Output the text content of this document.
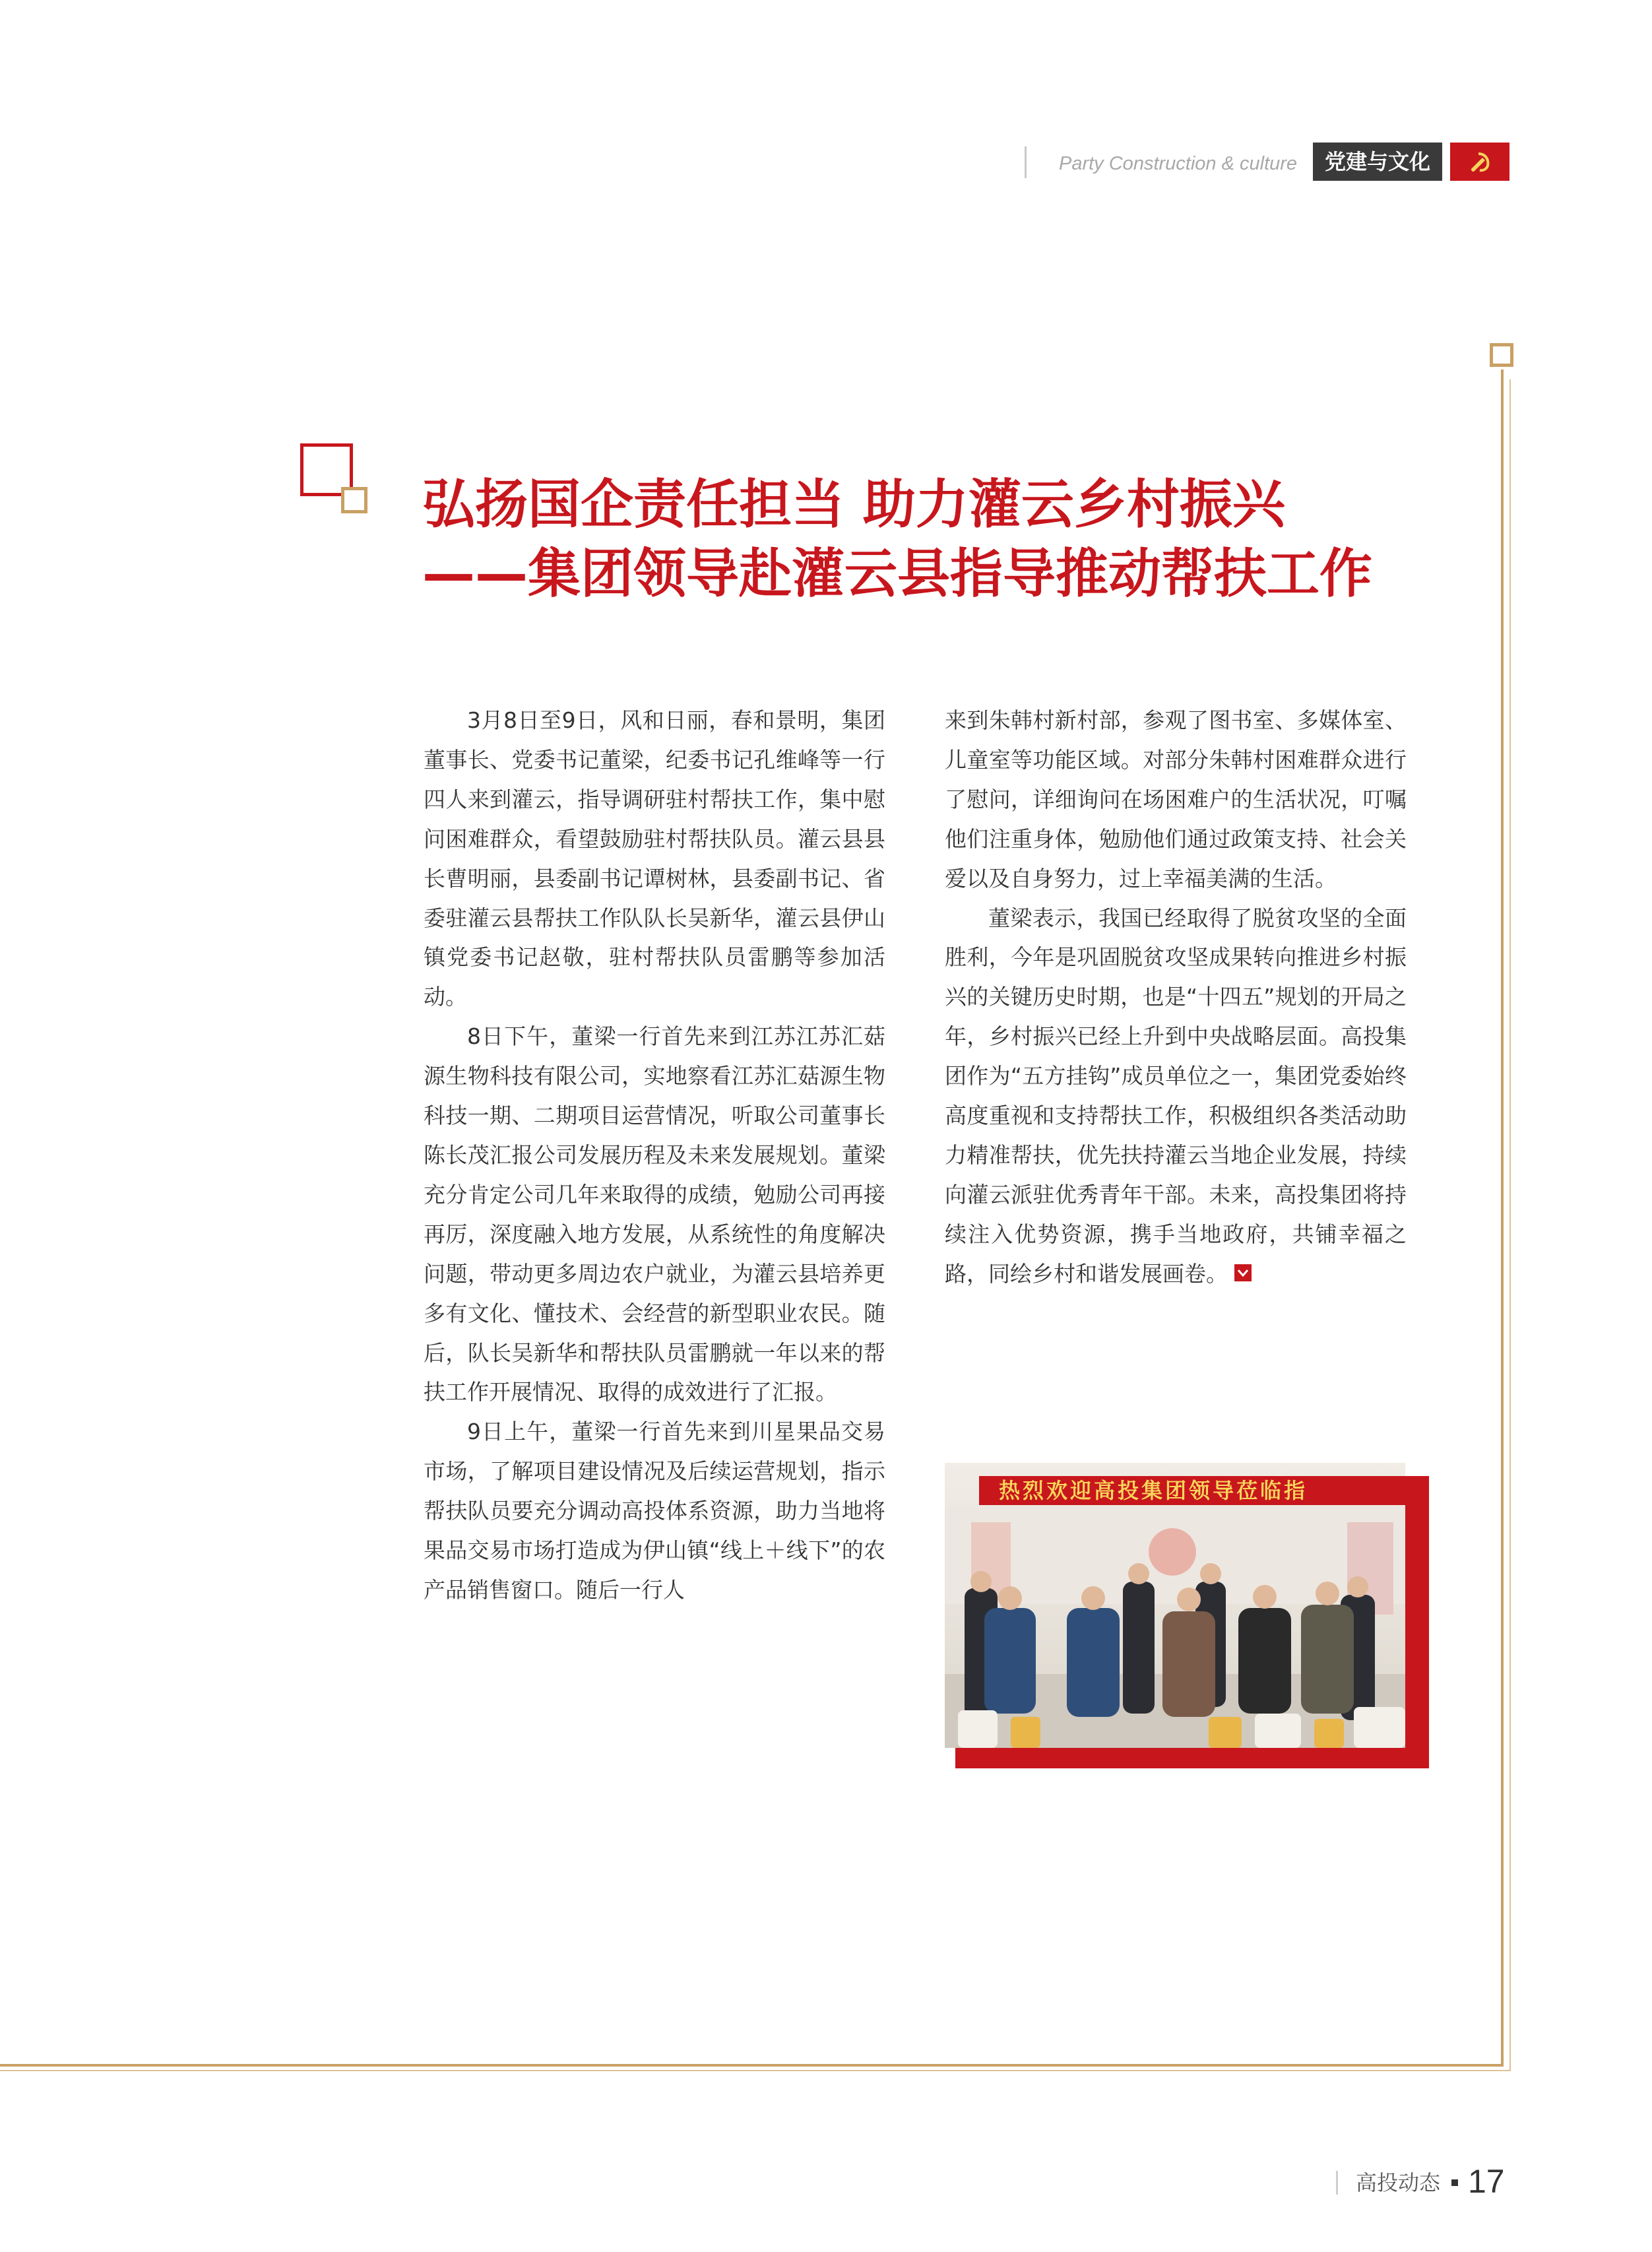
Party Construction & culture	党建与文化
弘扬国企责任担当 助力灌云乡村振兴
——集团领导赴灌云县指导推动帮扶工作

3月8日至9日，风和日丽，春和景明，集团董事长、党委书记董梁，纪委书记孔维峰等一行四人来到灌云，指导调研驻村帮扶工作，集中慰问困难群众，看望鼓励驻村帮扶队员。灌云县县长曹明丽，县委副书记谭树林，县委副书记、省委驻灌云县帮扶工作队队长吴新华，灌云县伊山镇党委书记赵敬，驻村帮扶队员雷鹏等参加活动。

8日下午，董梁一行首先来到江苏江苏汇菇源生物科技有限公司，实地察看江苏汇菇源生物科技一期、二期项目运营情况，听取公司董事长陈长茂汇报公司发展历程及未来发展规划。董梁充分肯定公司几年来取得的成绩，勉励公司再接再厉，深度融入地方发展，从系统性的角度解决问题，带动更多周边农户就业，为灌云县培养更多有文化、懂技术、会经营的新型职业农民。随后，队长吴新华和帮扶队员雷鹏就一年以来的帮扶工作开展情况、取得的成效进行了汇报。

9日上午，董梁一行首先来到川星果品交易市场，了解项目建设情况及后续运营规划，指示帮扶队员要充分调动高投体系资源，助力当地将果品交易市场打造成为伊山镇“线上＋线下”的农产品销售窗口。随后一行人

来到朱韩村新村部，参观了图书室、多媒体室、儿童室等功能区域。对部分朱韩村困难群众进行了慰问，详细询问在场困难户的生活状况，叮嘱他们注重身体，勉励他们通过政策支持、社会关爱以及自身努力，过上幸福美满的生活。

董梁表示，我国已经取得了脱贫攻坚的全面胜利，今年是巩固脱贫攻坚成果转向推进乡村振兴的关键历史时期，也是“十四五”规划的开局之年，乡村振兴已经上升到中央战略层面。高投集团作为“五方挂钩”成员单位之一，集团党委始终高度重视和支持帮扶工作，积极组织各类活动助力精准帮扶，优先扶持灌云当地企业发展，持续向灌云派驻优秀青年干部。未来，高投集团将持续注入优势资源，携手当地政府，共铺幸福之路，同绘乡村和谐发展画卷。

热烈欢迎高投集团领导莅临指
高投动态 17
